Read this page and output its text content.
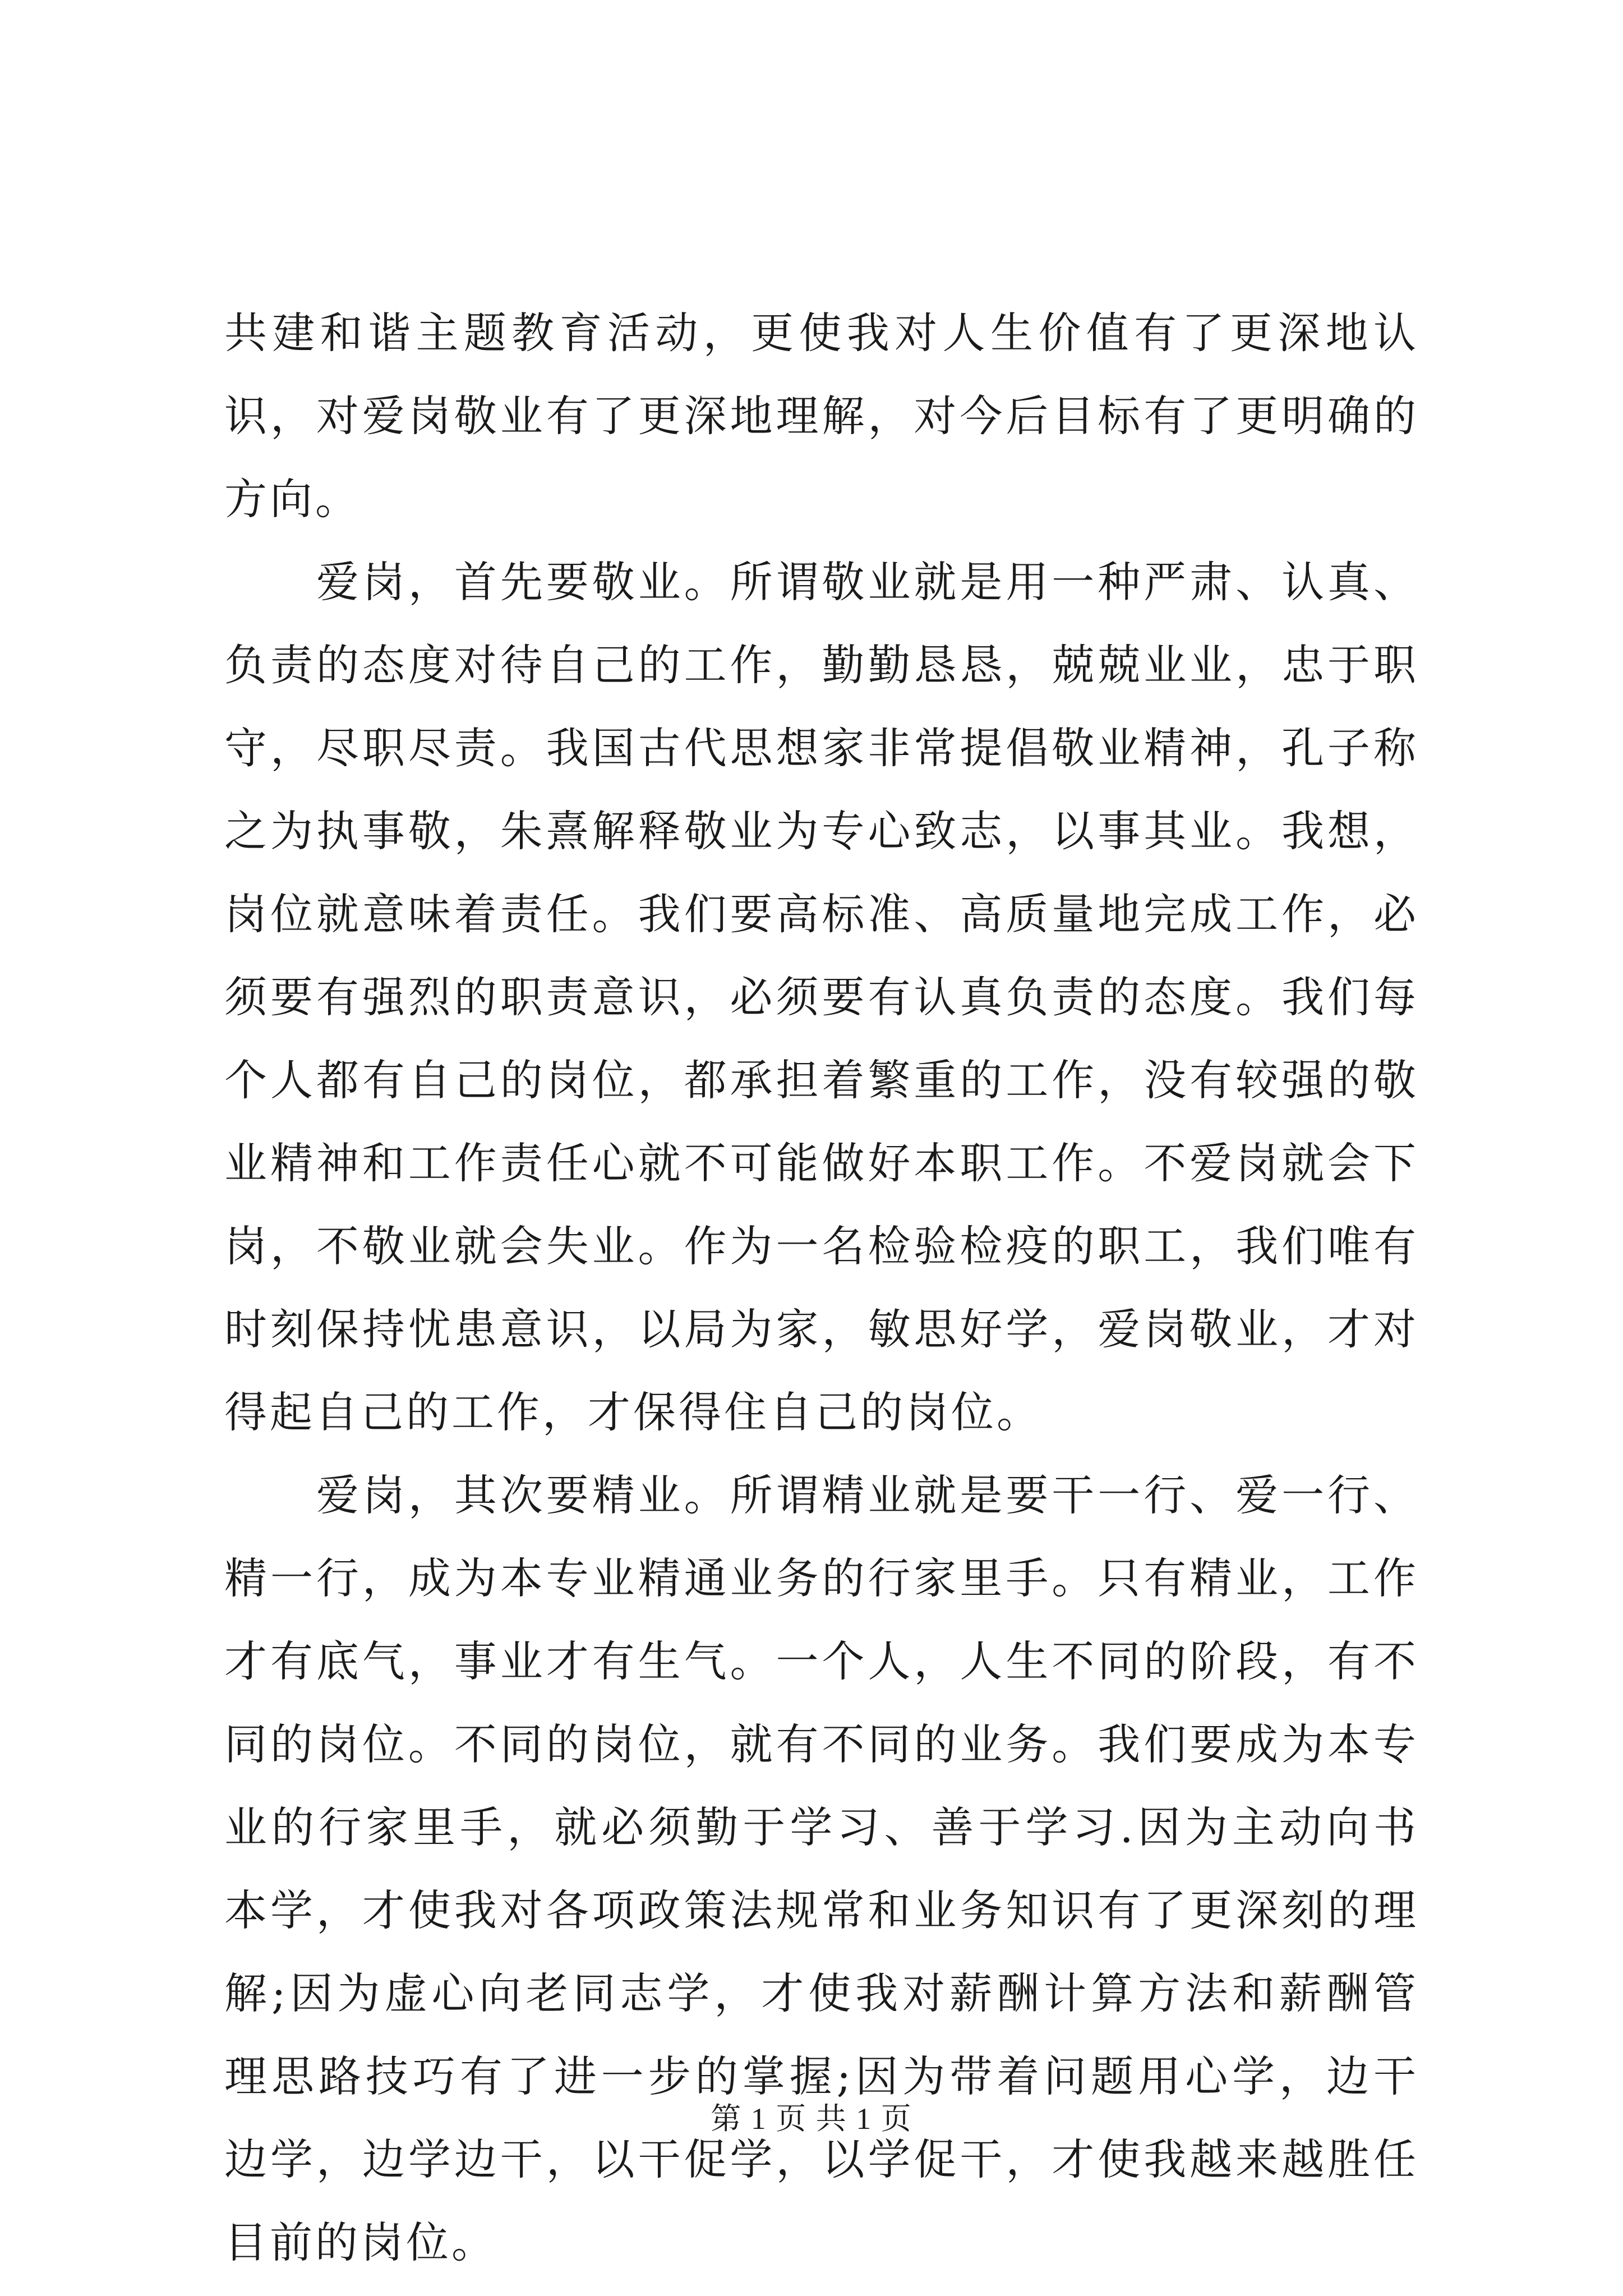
共建和谐主题教育活动，更使我对人生价值有了更深地认识，对爱岗敬业有了更深地理解，对今后目标有了更明确的方向。

爱岗，首先要敬业。所谓敬业就是用一种严肃、认真、负责的态度对待自己的工作，勤勤恳恳，兢兢业业，忠于职守，尽职尽责。我国古代思想家非常提倡敬业精神，孔子称之为执事敬，朱熹解释敬业为专心致志，以事其业。我想，岗位就意味着责任。我们要高标准、高质量地完成工作，必须要有强烈的职责意识，必须要有认真负责的态度。我们每个人都有自己的岗位，都承担着繁重的工作，没有较强的敬业精神和工作责任心就不可能做好本职工作。不爱岗就会下岗，不敬业就会失业。作为一名检验检疫的职工，我们唯有时刻保持忧患意识，以局为家，敏思好学，爱岗敬业，才对得起自己的工作，才保得住自己的岗位。

爱岗，其次要精业。所谓精业就是要干一行、爱一行、精一行，成为本专业精通业务的行家里手。只有精业，工作才有底气，事业才有生气。一个人，人生不同的阶段，有不同的岗位。不同的岗位，就有不同的业务。我们要成为本专业的行家里手，就必须勤于学习、善于学习.因为主动向书本学，才使我对各项政策法规常和业务知识有了更深刻的理解;因为虚心向老同志学，才使我对薪酬计算方法和薪酬管理思路技巧有了进一步的掌握;因为带着问题用心学，边干边学，边学边干，以干促学，以学促干，才使我越来越胜任目前的岗位。

第 1 页 共 1 页
